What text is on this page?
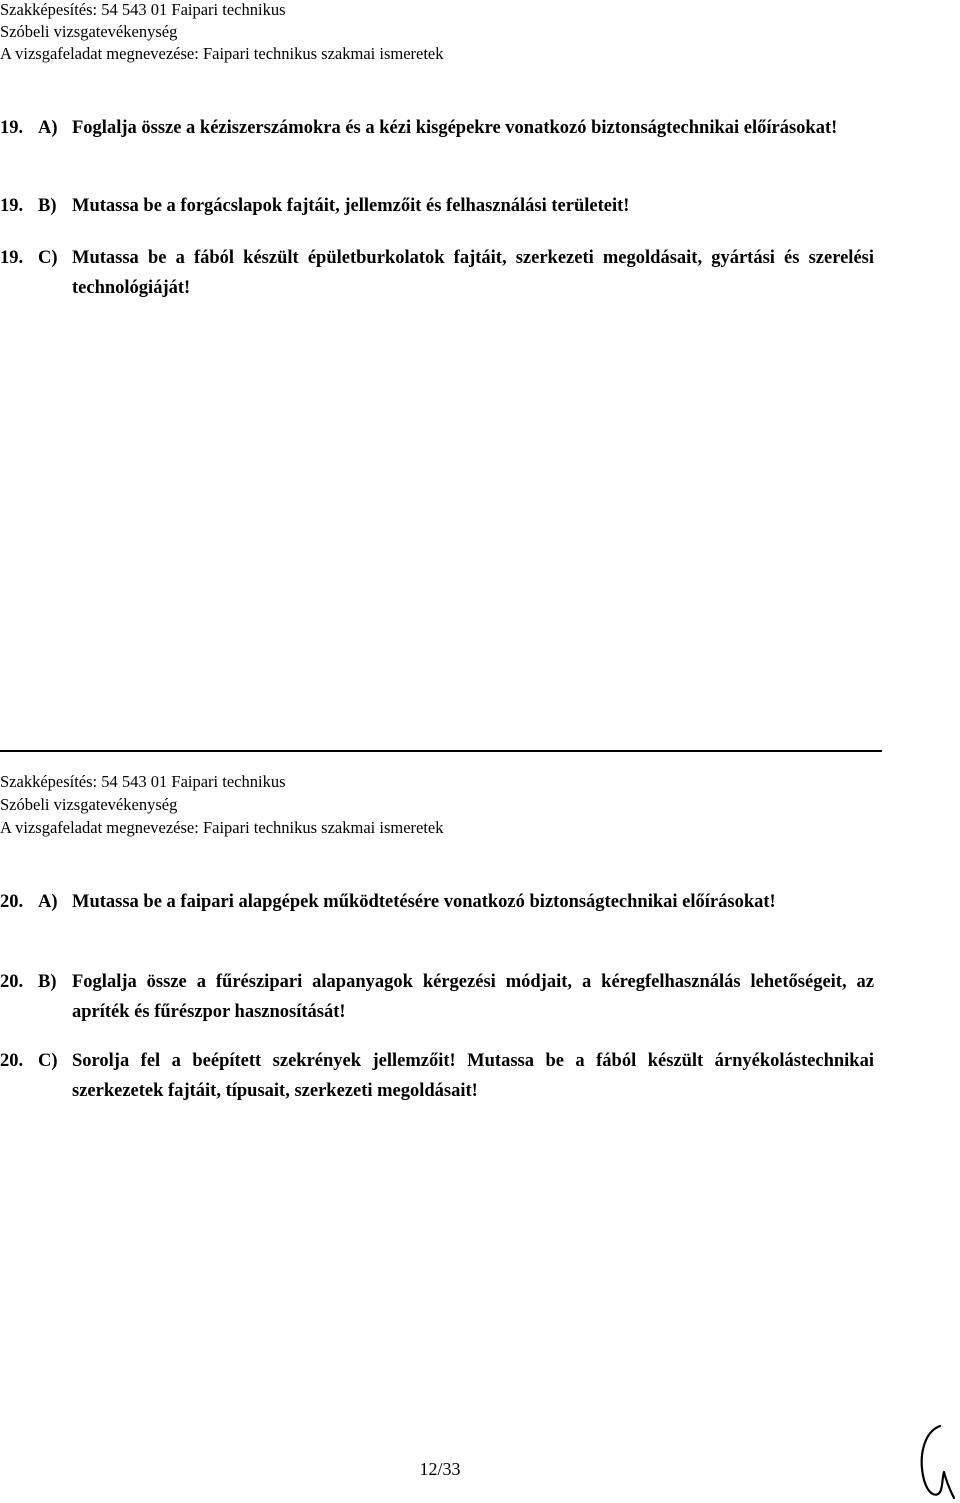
Szakképesítés: 54 543 01 Faipari technikus
Szóbeli vizsgatevékenység
A vizsgafeladat megnevezése: Faipari technikus szakmai ismeretek
19. A) Foglalja össze a kéziszerszámokra és a kézi kisgépekre vonatkozó biztonságtechnikai előírásokat!
19. B) Mutassa be a forgácslapok fajtáit, jellemzőit és felhasználási területeit!
19. C) Mutassa be a fából készült épületburkolatok fajtáit, szerkezeti megoldásait, gyártási és szerelési technológiáját!
Szakképesítés: 54 543 01 Faipari technikus
Szóbeli vizsgatevékenység
A vizsgafeladat megnevezése: Faipari technikus szakmai ismeretek
20. A) Mutassa be a faipari alapgépek működtetésére vonatkozó biztonságtechnikai előírásokat!
20. B) Foglalja össze a fűrészipari alapanyagok kérgezési módjait, a kéregfelhasználás lehetőségeit, az apríték és fűrészpor hasznosítását!
20. C) Sorolja fel a beépített szekrények jellemzőit! Mutassa be a fából készült árnyékolástechnikai szerkezetek fajtáit, típusait, szerkezeti megoldásait!
12/33
